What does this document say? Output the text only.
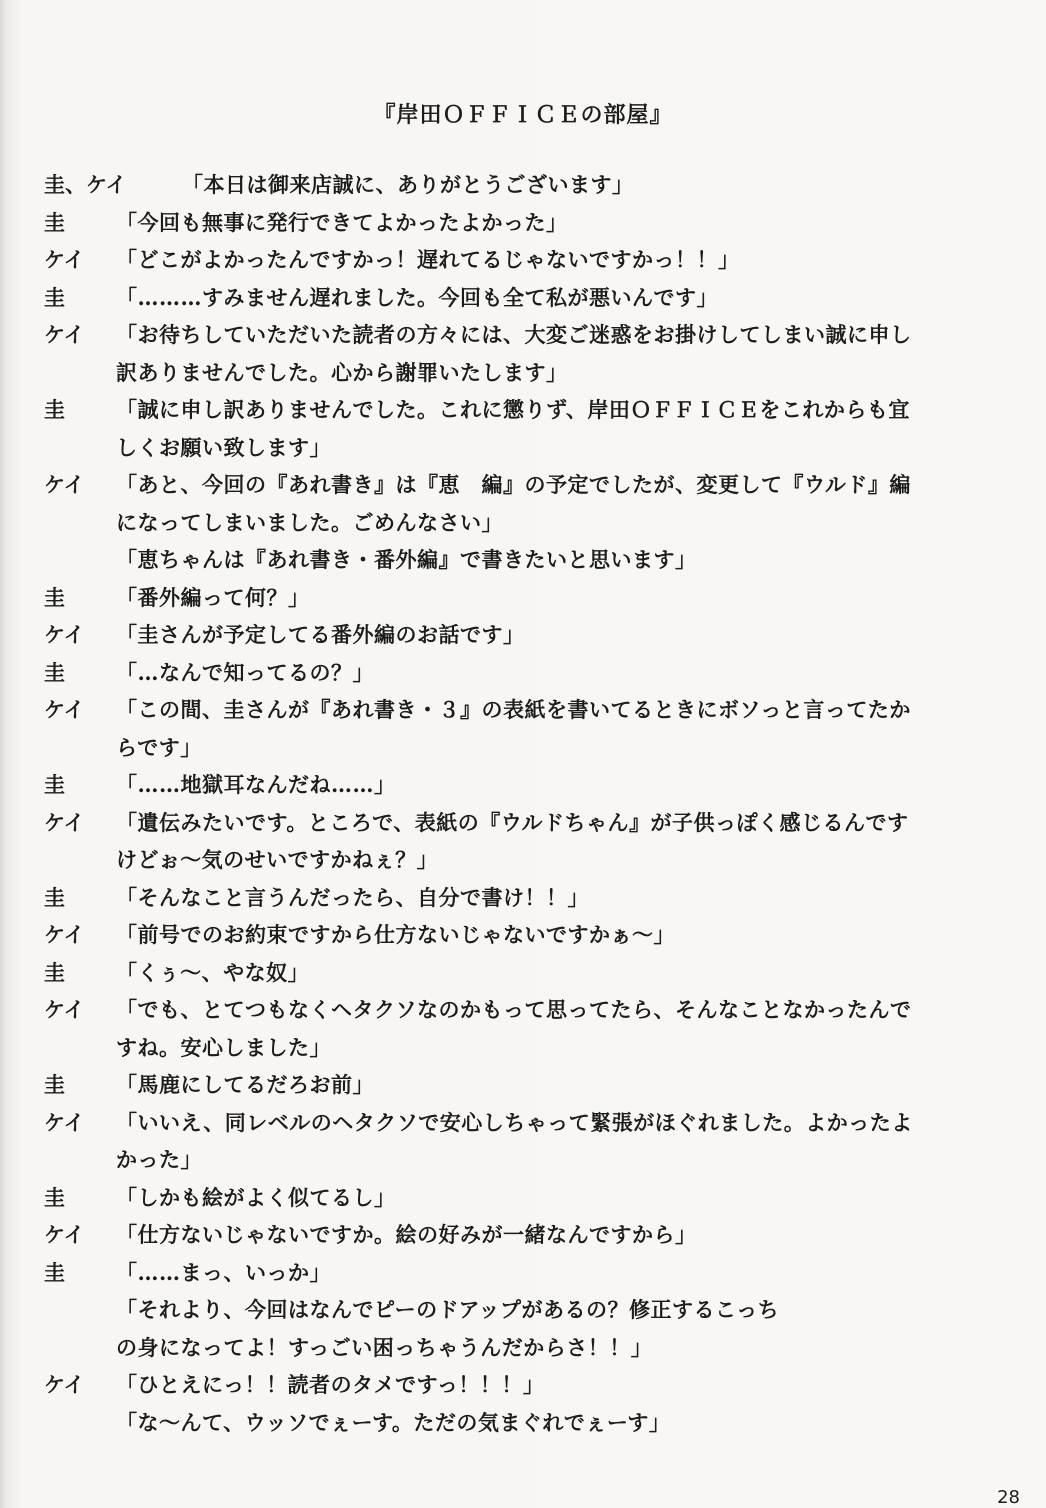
『岸田ＯＦＦＩＣＥの部屋』
圭、ケイ	「本日は御来店誠に、ありがとうございます」
圭	「今回も無事に発行できてよかったよかった」
ケイ	「どこがよかったんですかっ！遅れてるじゃないですかっ！！」
圭	「………すみません遅れました。今回も全て私が悪いんです」
ケイ	「お待ちしていただいた読者の方々には、大変ご迷惑をお掛けしてしまい誠に申し
訳ありませんでした。心から謝罪いたします」
圭	「誠に申し訳ありませんでした。これに懲りず、岸田ＯＦＦＩＣＥをこれからも宜
しくお願い致します」
ケイ	「あと、今回の『あれ書き』は『恵　編』の予定でしたが、変更して『ウルド』編
になってしまいました。ごめんなさい」
「恵ちゃんは『あれ書き・番外編』で書きたいと思います」
圭	「番外編って何？」
ケイ	「圭さんが予定してる番外編のお話です」
圭	「…なんで知ってるの？」
ケイ	「この間、圭さんが『あれ書き・３』の表紙を書いてるときにボソっと言ってたか
らです」
圭	「……地獄耳なんだね……」
ケイ	「遺伝みたいです。ところで、表紙の『ウルドちゃん』が子供っぽく感じるんです
けどぉ〜気のせいですかねぇ？」
圭	「そんなこと言うんだったら、自分で書け！！」
ケイ	「前号でのお約束ですから仕方ないじゃないですかぁ〜」
圭	「くぅ〜、やな奴」
ケイ	「でも、とてつもなくヘタクソなのかもって思ってたら、そんなことなかったんで
すね。安心しました」
圭	「馬鹿にしてるだろお前」
ケイ	「いいえ、同レベルのヘタクソで安心しちゃって緊張がほぐれました。よかったよ
かった」
圭	「しかも絵がよく似てるし」
ケイ	「仕方ないじゃないですか。絵の好みが一緒なんですから」
圭	「……まっ、いっか」
「それより、今回はなんでピーのドアップがあるの？修正するこっち
の身になってよ！すっごい困っちゃうんだからさ！！」
ケイ	「ひとえにっ！！読者のタメですっ！！！」
「な〜んて、ウッソでぇーす。ただの気まぐれでぇーす」
28
